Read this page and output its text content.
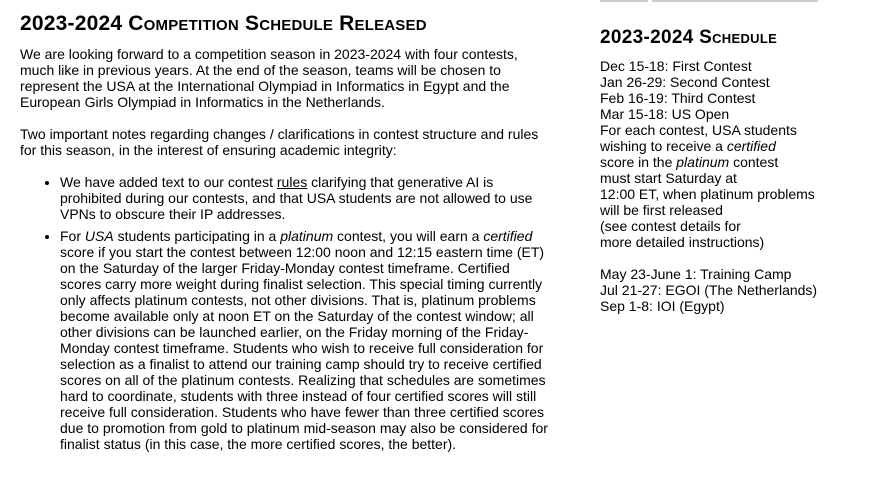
2023-2024 Competition Schedule Released

We are looking forward to a competition season in 2023-2024 with four contests, much like in previous years. At the end of the season, teams will be chosen to represent the USA at the International Olympiad in Informatics in Egypt and the European Girls Olympiad in Informatics in the Netherlands.

Two important notes regarding changes / clarifications in contest structure and rules for this season, in the interest of ensuring academic integrity:

• We have added text to our contest rules clarifying that generative AI is prohibited during our contests, and that USA students are not allowed to use VPNs to obscure their IP addresses.
• For USA students participating in a platinum contest, you will earn a certified score if you start the contest between 12:00 noon and 12:15 eastern time (ET) on the Saturday of the larger Friday-Monday contest timeframe. Certified scores carry more weight during finalist selection. This special timing currently only affects platinum contests, not other divisions. That is, platinum problems become available only at noon ET on the Saturday of the contest window; all other divisions can be launched earlier, on the Friday morning of the Friday-Monday contest timeframe. Students who wish to receive full consideration for selection as a finalist to attend our training camp should try to receive certified scores on all of the platinum contests. Realizing that schedules are sometimes hard to coordinate, students with three instead of four certified scores will still receive full consideration. Students who have fewer than three certified scores due to promotion from gold to platinum mid-season may also be considered for finalist status (in this case, the more certified scores, the better).
2023-2024 Schedule

Dec 15-18: First Contest

Jan 26-29: Second Contest

Feb 16-19: Third Contest

Mar 15-18: US Open

For each contest, USA students

wishing to receive a certified

score in the platinum contest

must start Saturday at

12:00 ET, when platinum problems

will be first released

(see contest details for

more detailed instructions)

May 23-June 1: Training Camp

Jul 21-27: EGOI (The Netherlands)

Sep 1-8: IOI (Egypt)
